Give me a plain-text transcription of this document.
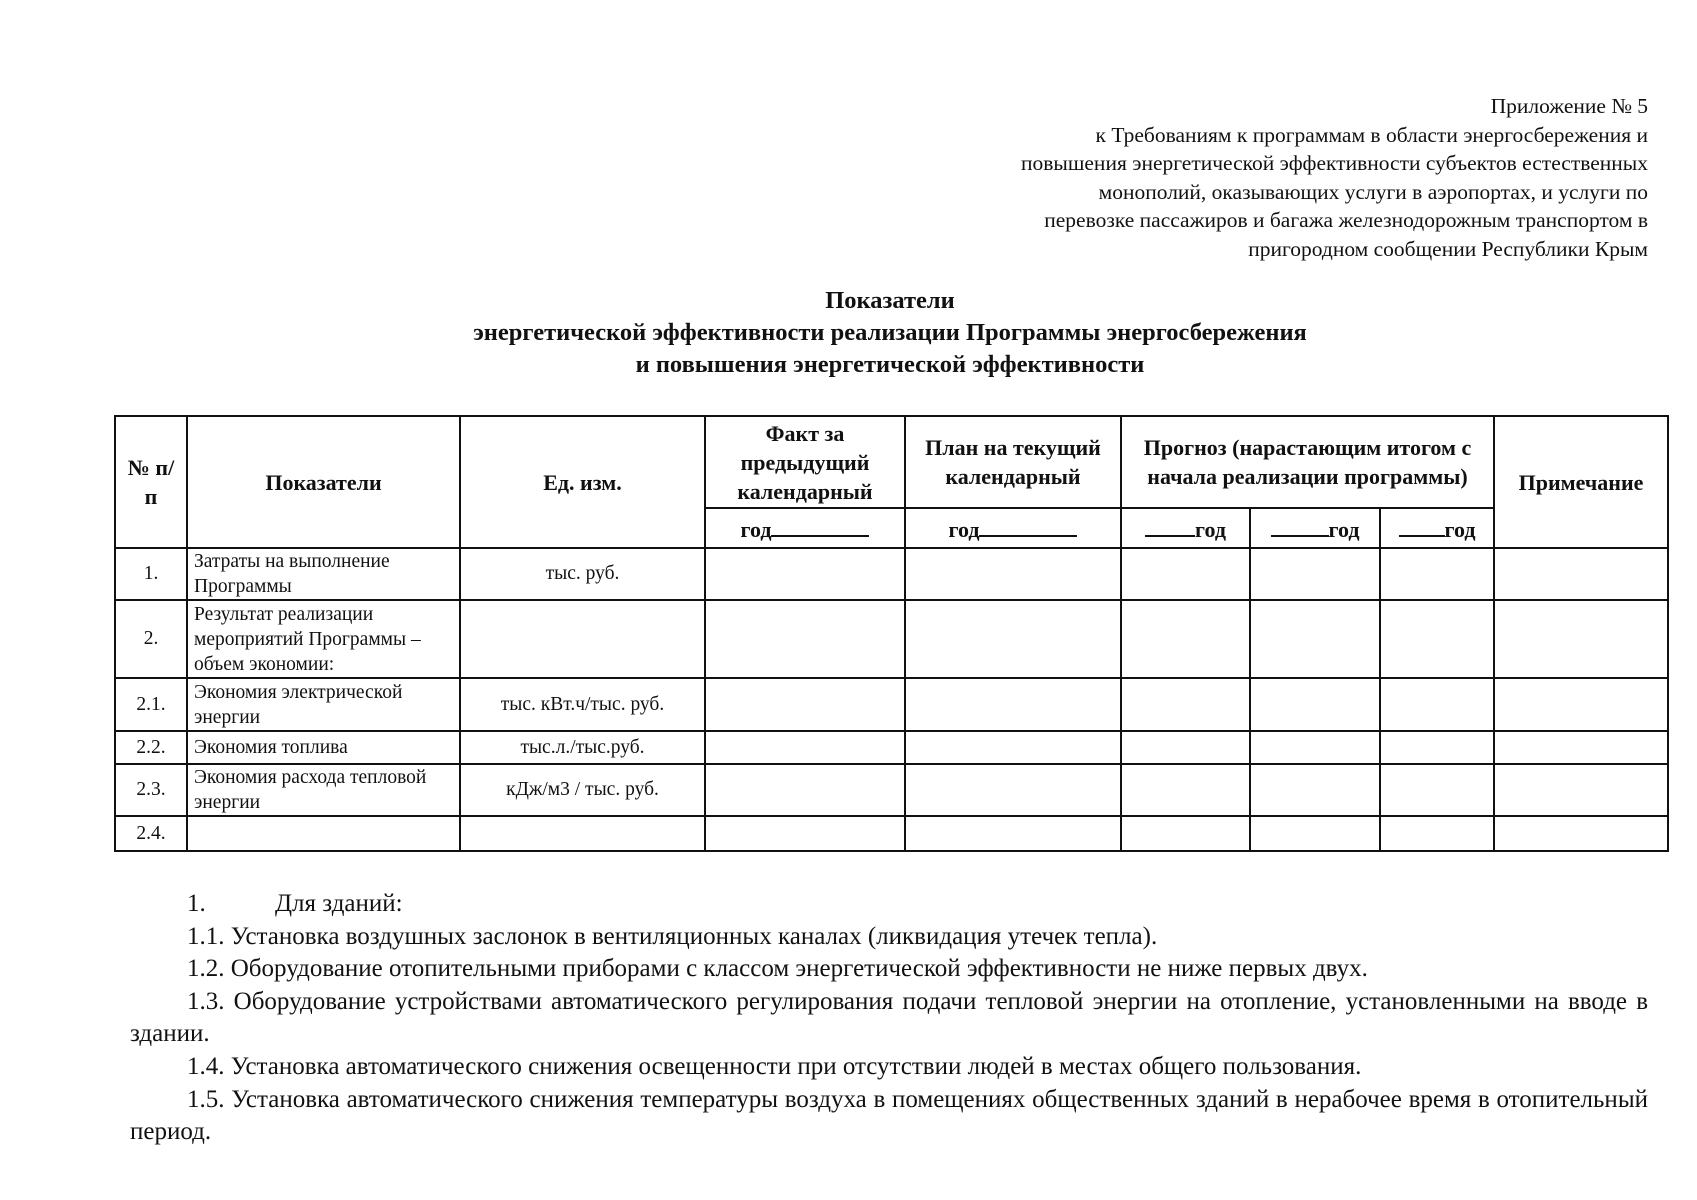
Приложение № 5
к Требованиям к программам в области энергосбережения и
повышения энергетической эффективности субъектов естественных
монополий, оказывающих услуги в аэропортах, и услуги по
перевозке пассажиров и багажа железнодорожным транспортом в
пригородном сообщении Республики Крым
Показатели
энергетической эффективности реализации Программы энергосбережения
и повышения энергетической эффективности
№ п/п	Показатели	Ед. изм.	Факт за предыдущий календарный	План на текущий календарный	Прогноз (нарастающим итогом с начала реализации программы)			Примечание
			год	год	год	год	год	
1.	Затраты на выполнение Программы	тыс. руб.						
2.	Результат реализации мероприятий Программы – объем экономии:							
2.1.	Экономия электрической энергии	тыс. кВт.ч/тыс. руб.						
2.2.	Экономия топлива	тыс.л./тыс.руб.						
2.3.	Экономия расхода тепловой энергии	кДж/м3 / тыс. руб.						
2.4.								

1.	Для зданий:

1.1. Установка воздушных заслонок в вентиляционных каналах (ликвидация утечек тепла).

1.2. Оборудование отопительными приборами с классом энергетической эффективности не ниже первых двух.

1.3. Оборудование устройствами автоматического регулирования подачи тепловой энергии на отопление, установленными на вводе в здании.

1.4. Установка автоматического снижения освещенности при отсутствии людей в местах общего пользования.

1.5. Установка автоматического снижения температуры воздуха в помещениях общественных зданий в нерабочее время в отопительный период.
